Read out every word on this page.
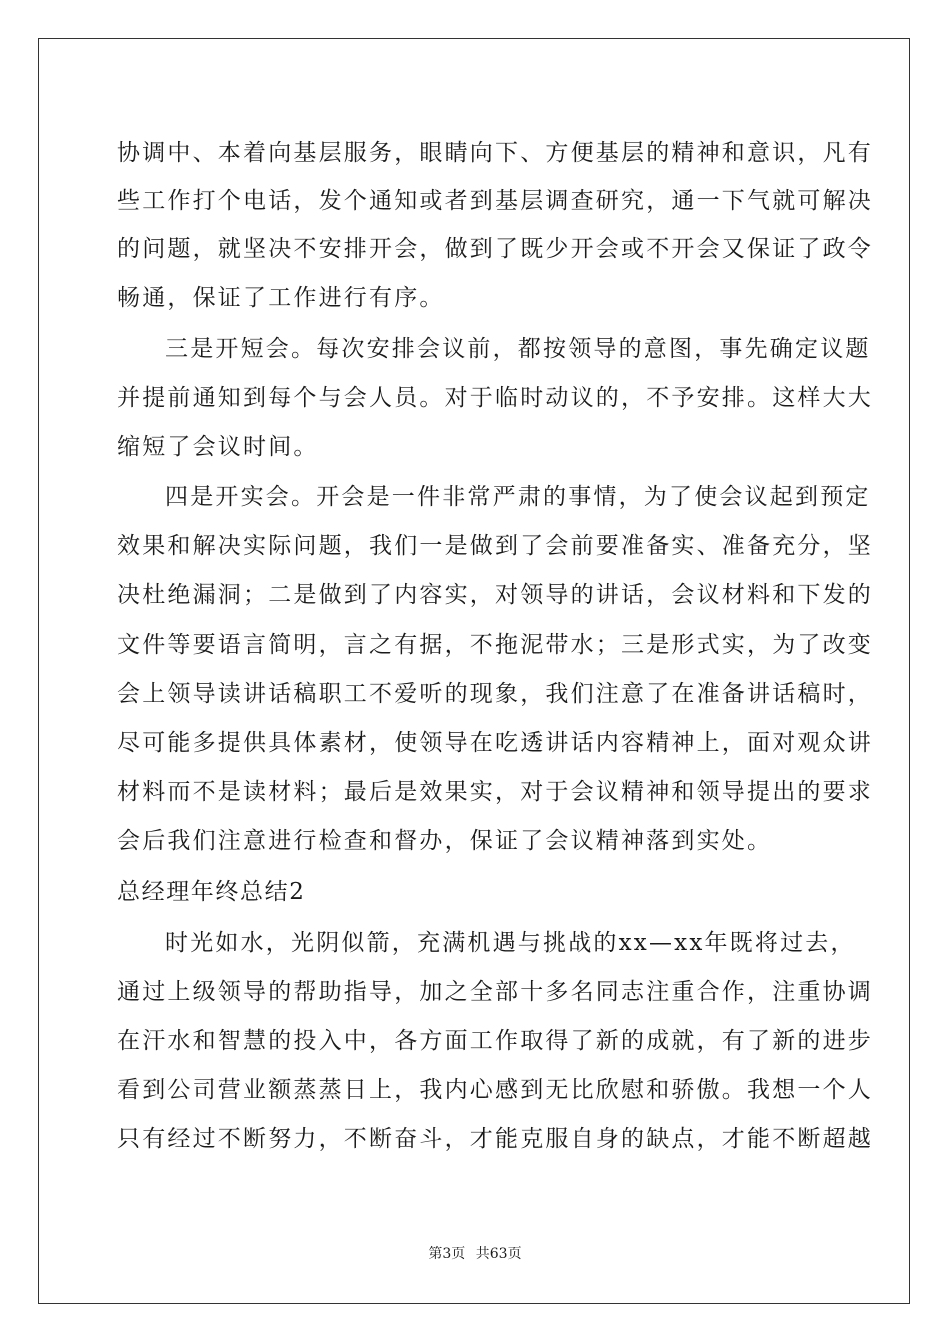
协调中、本着向基层服务，眼睛向下、方便基层的精神和意识，凡有
些工作打个电话，发个通知或者到基层调查研究，通一下气就可解决
的问题，就坚决不安排开会，做到了既少开会或不开会又保证了政令
畅通，保证了工作进行有序。
三是开短会。每次安排会议前，都按领导的意图，事先确定议题
并提前通知到每个与会人员。对于临时动议的，不予安排。这样大大
缩短了会议时间。
四是开实会。开会是一件非常严肃的事情，为了使会议起到预定
效果和解决实际问题，我们一是做到了会前要准备实、准备充分，坚
决杜绝漏洞；二是做到了内容实，对领导的讲话，会议材料和下发的
文件等要语言简明，言之有据，不拖泥带水；三是形式实，为了改变
会上领导读讲话稿职工不爱听的现象，我们注意了在准备讲话稿时，
尽可能多提供具体素材，使领导在吃透讲话内容精神上，面对观众讲
材料而不是读材料；最后是效果实，对于会议精神和领导提出的要求
会后我们注意进行检查和督办，保证了会议精神落到实处。
总经理年终总结2
时光如水，光阴似箭，充满机遇与挑战的xx—xx年既将过去，
通过上级领导的帮助指导，加之全部十多名同志注重合作，注重协调
在汗水和智慧的投入中，各方面工作取得了新的成就，有了新的进步
看到公司营业额蒸蒸日上，我内心感到无比欣慰和骄傲。我想一个人
只有经过不断努力，不断奋斗，才能克服自身的缺点，才能不断超越
第3页 共63页
